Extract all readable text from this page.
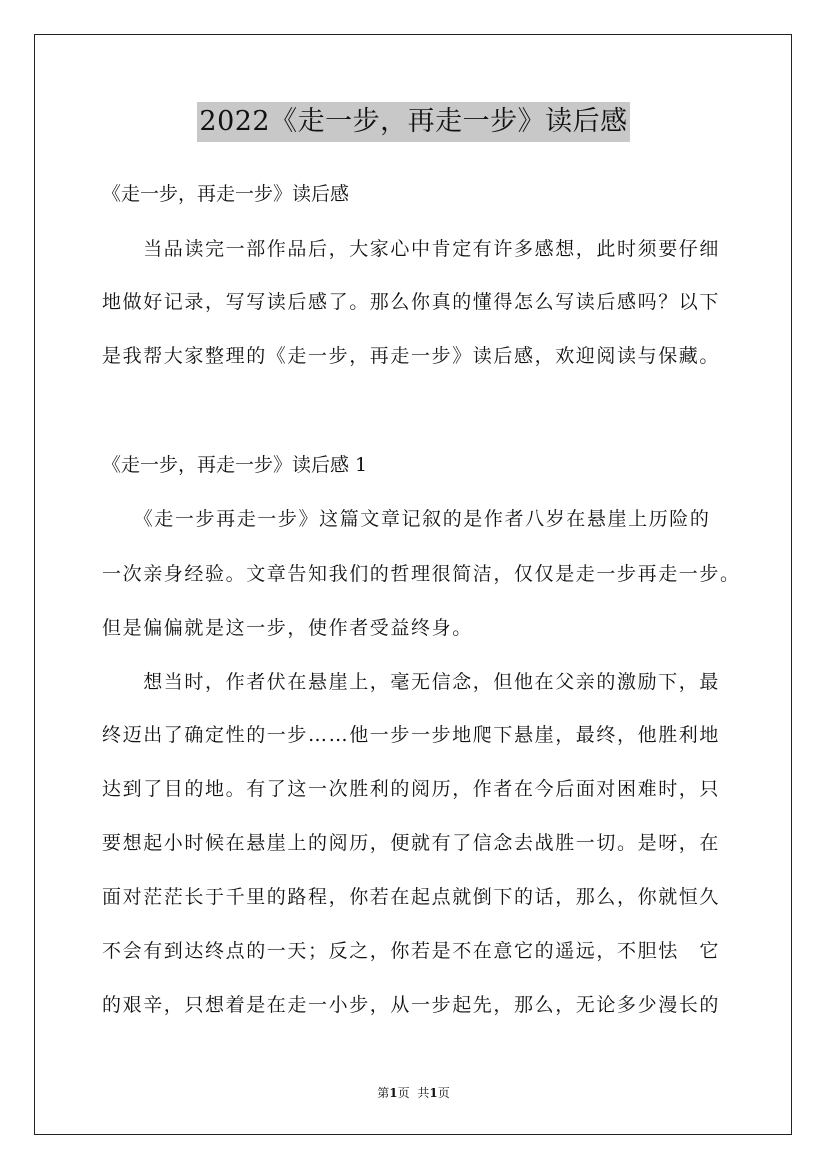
2022《走一步，再走一步》读后感
《走一步，再走一步》读后感
　　当品读完一部作品后，大家心中肯定有许多感想，此时须要仔细
地做好记录，写写读后感了。那么你真的懂得怎么写读后感吗？以下
是我帮大家整理的《走一步，再走一步》读后感，欢迎阅读与保藏。
《走一步，再走一步》读后感 1
　　《走一步再走一步》这篇文章记叙的是作者八岁在悬崖上历险的
一次亲身经验。文章告知我们的哲理很简洁，仅仅是走一步再走一步。
但是偏偏就是这一步，使作者受益终身。
　　想当时，作者伏在悬崖上，毫无信念，但他在父亲的激励下，最
终迈出了确定性的一步……他一步一步地爬下悬崖，最终，他胜利地
达到了目的地。有了这一次胜利的阅历，作者在今后面对困难时，只
要想起小时候在悬崖上的阅历，便就有了信念去战胜一切。是呀，在
面对茫茫长于千里的路程，你若在起点就倒下的话，那么，你就恒久
不会有到达终点的一天；反之，你若是不在意它的遥远，不胆怯　它
的艰辛，只想着是在走一小步，从一步起先，那么，无论多少漫长的
第1页 共1页
